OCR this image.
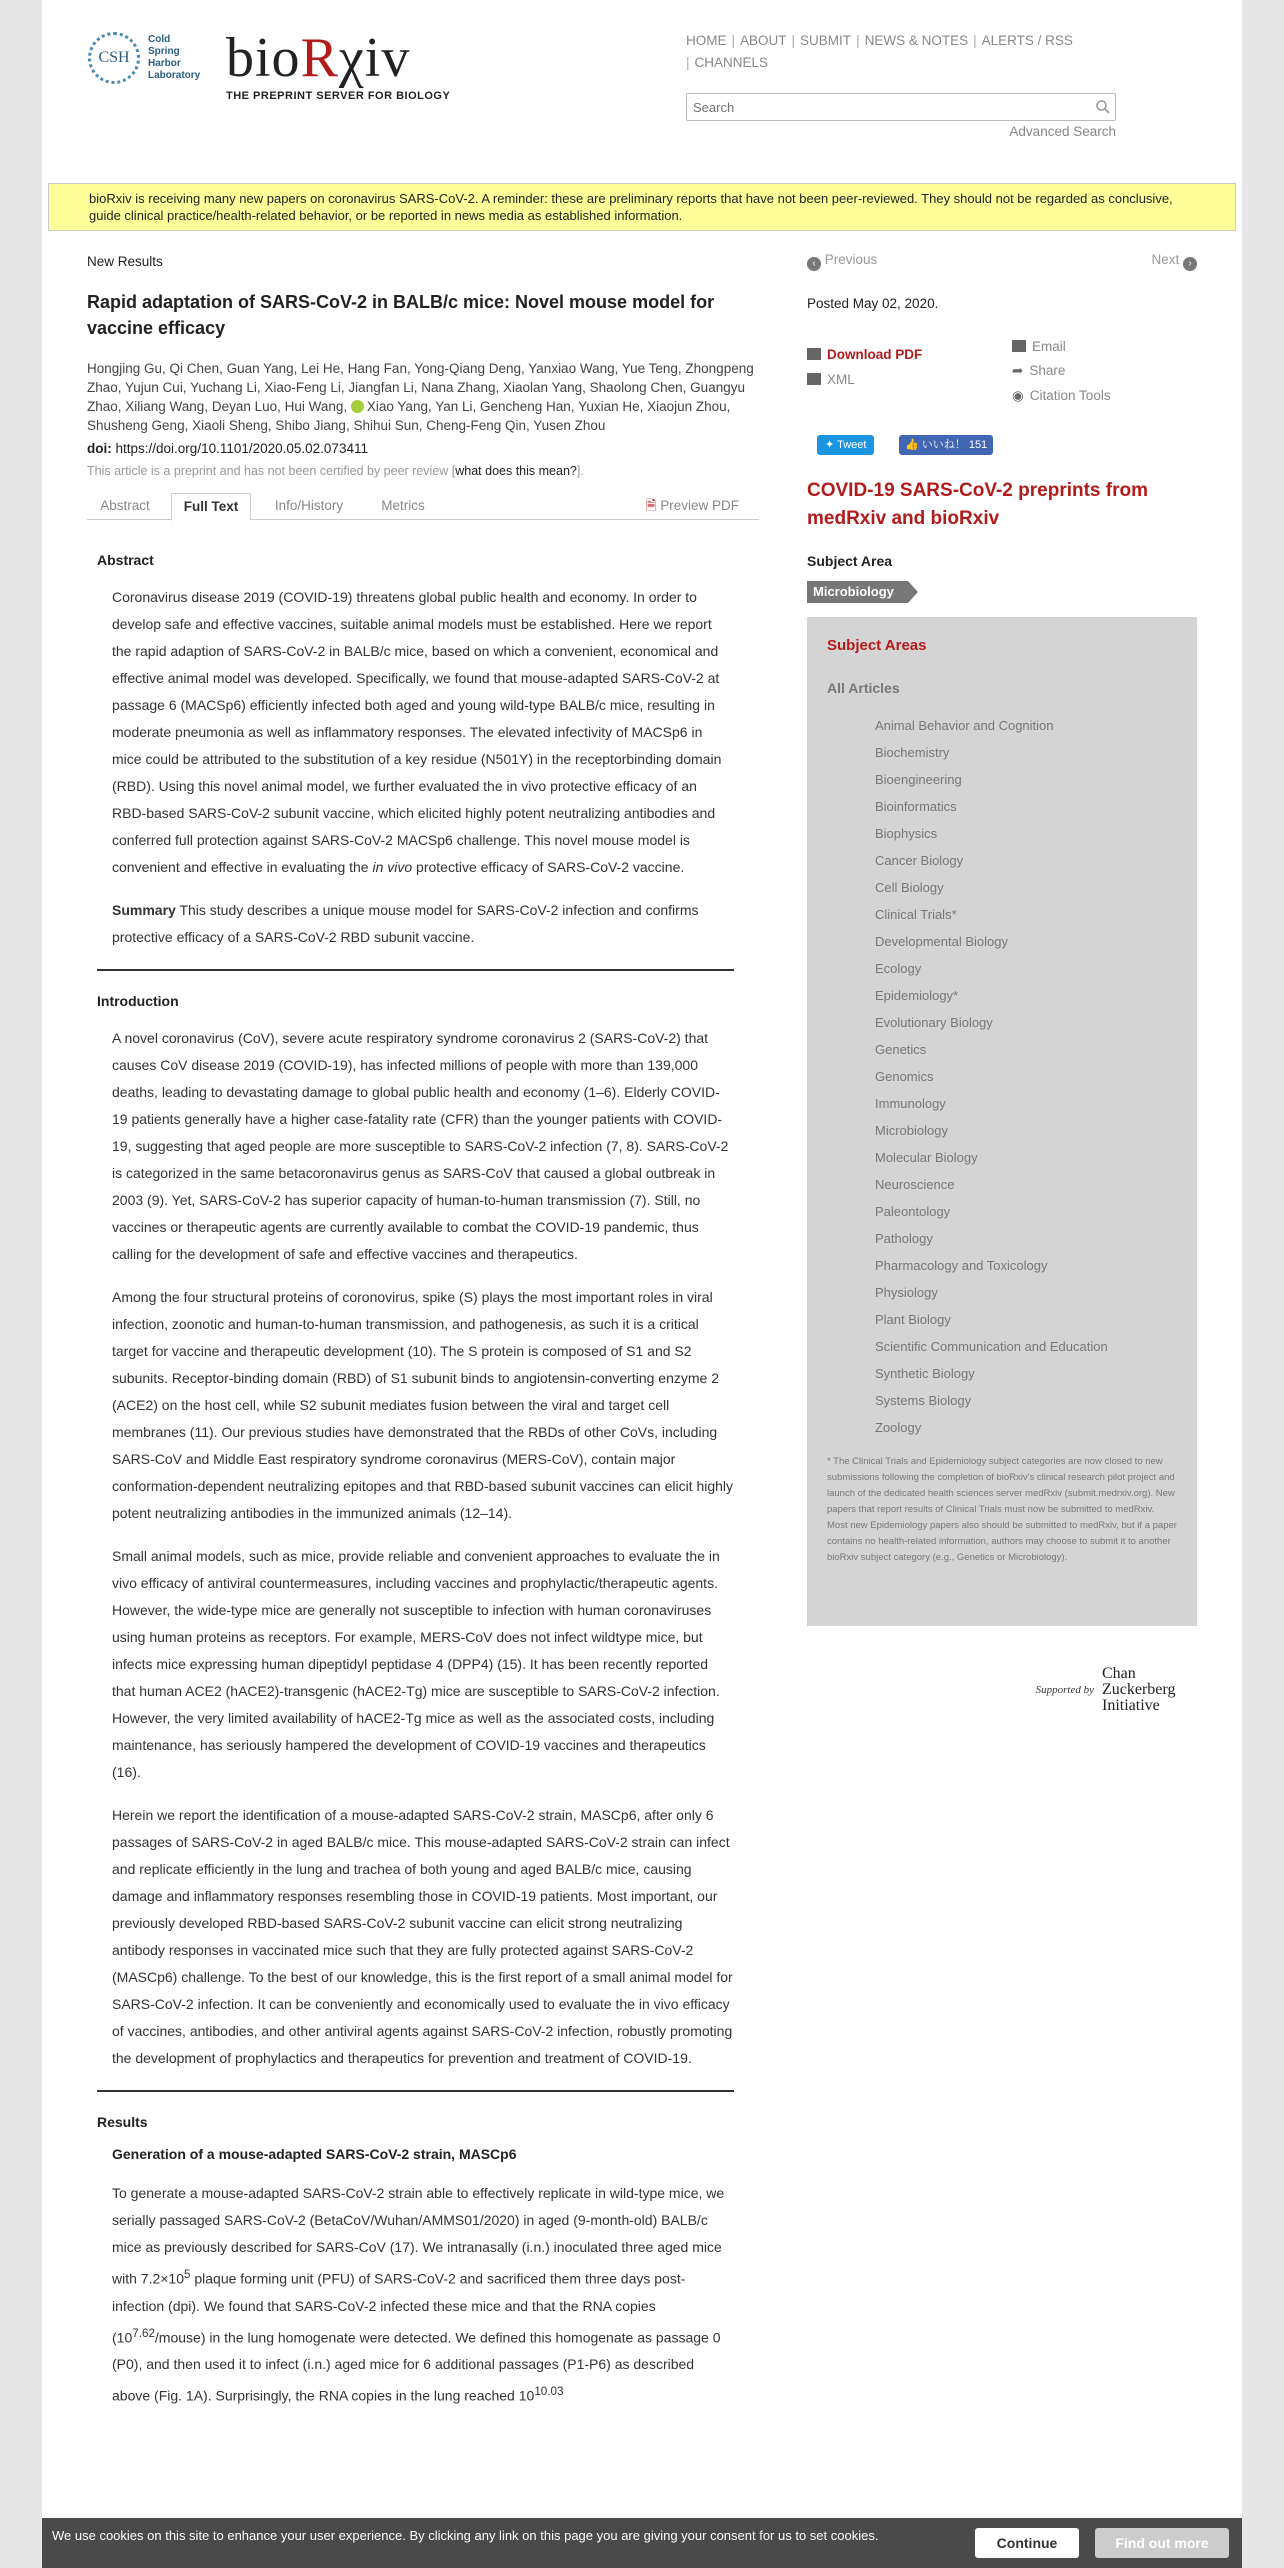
CSH
Cold
Spring
Harbor
Laboratory bioRχiv
THE PREPRINT SERVER FOR BIOLOGY
HOME | ABOUT | SUBMIT | NEWS & NOTES | ALERTS / RSS
| CHANNELS
Search
Advanced Search
bioRxiv is receiving many new papers on coronavirus SARS-CoV-2. A reminder: these are preliminary reports that have not been peer-reviewed. They should not be regarded as conclusive, guide clinical practice/health-related behavior, or be reported in news media as established information.
New Results
Rapid adaptation of SARS-CoV-2 in BALB/c mice: Novel mouse model for vaccine efficacy
Hongjing Gu, Qi Chen, Guan Yang, Lei He, Hang Fan, Yong-Qiang Deng, Yanxiao Wang, Yue Teng, Zhongpeng Zhao, Yujun Cui, Yuchang Li, Xiao-Feng Li, Jiangfan Li, Nana Zhang, Xiaolan Yang, Shaolong Chen, Guangyu Zhao, Xiliang Wang, Deyan Luo, Hui Wang, Xiao Yang, Yan Li, Gencheng Han, Yuxian He, Xiaojun Zhou, Shusheng Geng, Xiaoli Sheng, Shibo Jiang, Shihui Sun, Cheng-Feng Qin, Yusen Zhou
doi: https://doi.org/10.1101/2020.05.02.073411
This article is a preprint and has not been certified by peer review [what does this mean?].
Abstract	Full Text	Info/History	Metrics	🗎 Preview PDF
Abstract
Coronavirus disease 2019 (COVID-19) threatens global public health and economy. In order to develop safe and effective vaccines, suitable animal models must be established. Here we report the rapid adaption of SARS-CoV-2 in BALB/c mice, based on which a convenient, economical and effective animal model was developed. Specifically, we found that mouse-adapted SARS-CoV-2 at passage 6 (MACSp6) efficiently infected both aged and young wild-type BALB/c mice, resulting in moderate pneumonia as well as inflammatory responses. The elevated infectivity of MACSp6 in mice could be attributed to the substitution of a key residue (N501Y) in the receptorbinding domain (RBD). Using this novel animal model, we further evaluated the in vivo protective efficacy of an RBD-based SARS-CoV-2 subunit vaccine, which elicited highly potent neutralizing antibodies and conferred full protection against SARS-CoV-2 MACSp6 challenge. This novel mouse model is convenient and effective in evaluating the in vivo protective efficacy of SARS-CoV-2 vaccine.
Summary This study describes a unique mouse model for SARS-CoV-2 infection and confirms protective efficacy of a SARS-CoV-2 RBD subunit vaccine.
Introduction
A novel coronavirus (CoV), severe acute respiratory syndrome coronavirus 2 (SARS-CoV-2) that causes CoV disease 2019 (COVID-19), has infected millions of people with more than 139,000 deaths, leading to devastating damage to global public health and economy (1–6). Elderly COVID-19 patients generally have a higher case-fatality rate (CFR) than the younger patients with COVID-19, suggesting that aged people are more susceptible to SARS-CoV-2 infection (7, 8). SARS-CoV-2 is categorized in the same betacoronavirus genus as SARS-CoV that caused a global outbreak in 2003 (9). Yet, SARS-CoV-2 has superior capacity of human-to-human transmission (7). Still, no vaccines or therapeutic agents are currently available to combat the COVID-19 pandemic, thus calling for the development of safe and effective vaccines and therapeutics.
Among the four structural proteins of coronovirus, spike (S) plays the most important roles in viral infection, zoonotic and human-to-human transmission, and pathogenesis, as such it is a critical target for vaccine and therapeutic development (10). The S protein is composed of S1 and S2 subunits. Receptor-binding domain (RBD) of S1 subunit binds to angiotensin-converting enzyme 2 (ACE2) on the host cell, while S2 subunit mediates fusion between the viral and target cell membranes (11). Our previous studies have demonstrated that the RBDs of other CoVs, including SARS-CoV and Middle East respiratory syndrome coronavirus (MERS-CoV), contain major conformation-dependent neutralizing epitopes and that RBD-based subunit vaccines can elicit highly potent neutralizing antibodies in the immunized animals (12–14).
Small animal models, such as mice, provide reliable and convenient approaches to evaluate the in vivo efficacy of antiviral countermeasures, including vaccines and prophylactic/therapeutic agents. However, the wide-type mice are generally not susceptible to infection with human coronaviruses using human proteins as receptors. For example, MERS-CoV does not infect wildtype mice, but infects mice expressing human dipeptidyl peptidase 4 (DPP4) (15). It has been recently reported that human ACE2 (hACE2)-transgenic (hACE2-Tg) mice are susceptible to SARS-CoV-2 infection. However, the very limited availability of hACE2-Tg mice as well as the associated costs, including maintenance, has seriously hampered the development of COVID-19 vaccines and therapeutics (16).
Herein we report the identification of a mouse-adapted SARS-CoV-2 strain, MASCp6, after only 6 passages of SARS-CoV-2 in aged BALB/c mice. This mouse-adapted SARS-CoV-2 strain can infect and replicate efficiently in the lung and trachea of both young and aged BALB/c mice, causing damage and inflammatory responses resembling those in COVID-19 patients. Most important, our previously developed RBD-based SARS-CoV-2 subunit vaccine can elicit strong neutralizing antibody responses in vaccinated mice such that they are fully protected against SARS-CoV-2 (MASCp6) challenge. To the best of our knowledge, this is the first report of a small animal model for SARS-CoV-2 infection. It can be conveniently and economically used to evaluate the in vivo efficacy of vaccines, antibodies, and other antiviral agents against SARS-CoV-2 infection, robustly promoting the development of prophylactics and therapeutics for prevention and treatment of COVID-19.
Results
Generation of a mouse-adapted SARS-CoV-2 strain, MASCp6
To generate a mouse-adapted SARS-CoV-2 strain able to effectively replicate in wild-type mice, we serially passaged SARS-CoV-2 (BetaCoV/Wuhan/AMMS01/2020) in aged (9-month-old) BALB/c mice as previously described for SARS-CoV (17). We intranasally (i.n.) inoculated three aged mice with $7.2\times 10^5$ plaque forming unit (PFU) of SARS-CoV-2 and sacrificed them three days post-infection (dpi). We found that SARS-CoV-2 infected these mice and that the RNA copies $(10^{7.62}/mouse)$ in the lung homogenate were detected. We defined this homogenate as passage 0 (P0), and then used it to infect (i.n.) aged mice for 6 additional passages (P1-P6) as described above (Fig. 1A). Surprisingly, the RNA copies in the lung reached $10^{10.03}$
‹ Previous	Next ›
Posted May 02, 2020.
Download PDF
XML
Email
➦ Share
◉ Citation Tools
✦ Tweet	👍 いいね！ 151
COVID-19 SARS-CoV-2 preprints from medRxiv and bioRxiv
Subject Area
Microbiology
Subject Areas
All Articles
Animal Behavior and Cognition
Biochemistry
Bioengineering
Bioinformatics
Biophysics
Cancer Biology
Cell Biology
Clinical Trials*
Developmental Biology
Ecology
Epidemiology*
Evolutionary Biology
Genetics
Genomics
Immunology
Microbiology
Molecular Biology
Neuroscience
Paleontology
Pathology
Pharmacology and Toxicology
Physiology
Plant Biology
Scientific Communication and Education
Synthetic Biology
Systems Biology
Zoology
* The Clinical Trials and Epidemiology subject categories are now closed to new submissions following the completion of bioRxiv's clinical research pilot project and launch of the dedicated health sciences server medRxiv (submit.medrxiv.org). New papers that report results of Clinical Trials must now be submitted to medRxiv. Most new Epidemiology papers also should be submitted to medRxiv, but if a paper contains no health-related information, authors may choose to submit it to another bioRxiv subject category (e.g., Genetics or Microbiology).
Supported by
Chan
Zuckerberg
Initiative
We use cookies on this site to enhance your user experience. By clicking any link on this page you are giving your consent for us to set cookies.	Continue	Find out more
